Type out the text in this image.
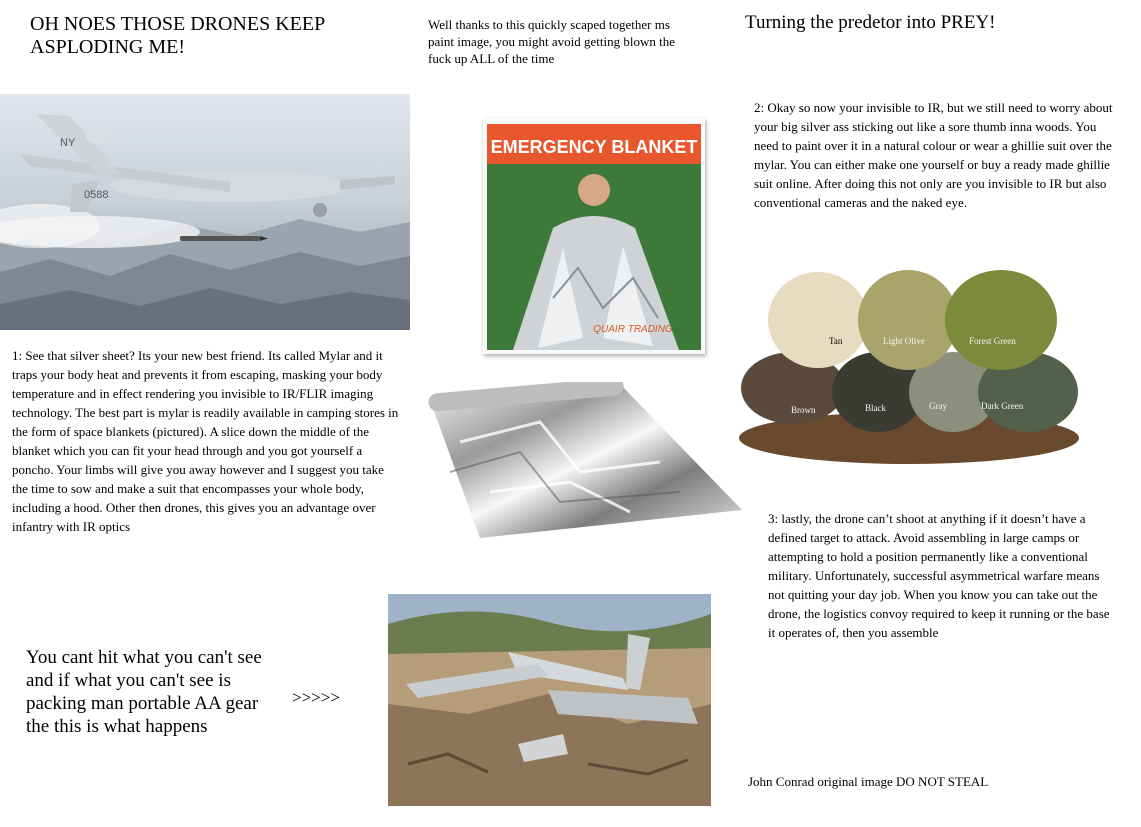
OH NOES THOSE DRONES KEEP ASPLODING ME!
Well thanks to this quickly scaped together ms paint image, you might avoid getting blown the fuck up ALL of the time
Turning the predetor into PREY!
NY
0588
EMERGENCY BLANKET
QUAIR TRADING
2: Okay so now your invisible to IR, but we still need to worry about your big silver ass sticking out like a sore thumb inna woods. You need to paint over it in a natural colour or wear a ghillie suit over the mylar. You can either make one yourself or buy a ready made ghillie suit online. After doing this not only are you invisible to IR but also conventional cameras and the naked eye.
Tan	Light Olive	Forest Green
Brown	Black	Gray	Dark Green
1: See that silver sheet? Its your new best friend. Its called Mylar and it traps your body heat and prevents it from escaping, masking your body temperature and in effect rendering you invisible to IR/FLIR imaging technology. The best part is mylar is readily available in camping stores in the form of space blankets (pictured). A slice down the middle of the blanket which you can fit your head through and you got yourself a poncho. Your limbs will give you away however and I suggest you take the time to sow and make a suit that encompasses your whole body, including a hood. Other then drones, this gives you an advantage over infantry with IR optics
3: lastly, the drone can’t shoot at anything if it doesn’t have a defined target to attack. Avoid assembling in large camps or attempting to hold a position permanently like a conventional military. Unfortunately, successful asymmetrical warfare means not quitting your day job. When you know you can take out the drone, the logistics convoy required to keep it running or the base it operates of, then you assemble
You cant hit what you can't see and if what you can't see is packing man portable AA gear the this is what happens
>>>>>
John Conrad original image DO NOT STEAL
